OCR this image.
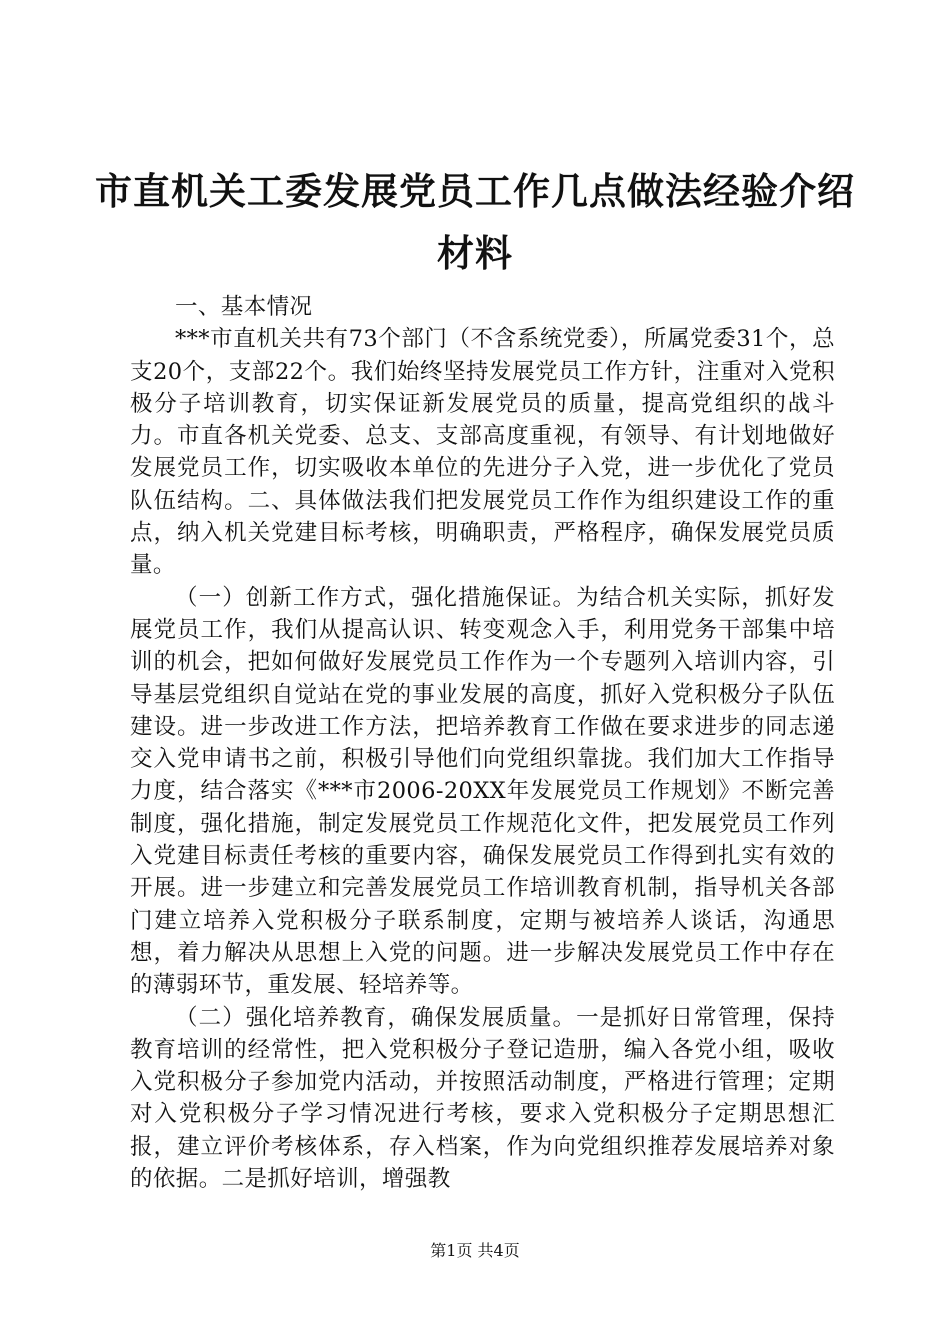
市直机关工委发展党员工作几点做法经验介绍
材料

一、基本情况

***市直机关共有73个部门（不含系统党委），所属党委31个，总支20个，支部22个。我们始终坚持发展党员工作方针，注重对入党积极分子培训教育，切实保证新发展党员的质量，提高党组织的战斗力。市直各机关党委、总支、支部高度重视，有领导、有计划地做好发展党员工作，切实吸收本单位的先进分子入党，进一步优化了党员队伍结构。二、具体做法我们把发展党员工作作为组织建设工作的重点，纳入机关党建目标考核，明确职责，严格程序，确保发展党员质量。

（一）创新工作方式，强化措施保证。为结合机关实际，抓好发展党员工作，我们从提高认识、转变观念入手，利用党务干部集中培训的机会，把如何做好发展党员工作作为一个专题列入培训内容，引导基层党组织自觉站在党的事业发展的高度，抓好入党积极分子队伍建设。进一步改进工作方法，把培养教育工作做在要求进步的同志递交入党申请书之前，积极引导他们向党组织靠拢。我们加大工作指导力度，结合落实《***市2006-20XX年发展党员工作规划》不断完善制度，强化措施，制定发展党员工作规范化文件，把发展党员工作列入党建目标责任考核的重要内容，确保发展党员工作得到扎实有效的开展。进一步建立和完善发展党员工作培训教育机制，指导机关各部门建立培养入党积极分子联系制度，定期与被培养人谈话，沟通思想，着力解决从思想上入党的问题。进一步解决发展党员工作中存在的薄弱环节，重发展、轻培养等。

（二）强化培养教育，确保发展质量。一是抓好日常管理，保持教育培训的经常性，把入党积极分子登记造册，编入各党小组，吸收入党积极分子参加党内活动，并按照活动制度，严格进行管理；定期对入党积极分子学习情况进行考核，要求入党积极分子定期思想汇报，建立评价考核体系，存入档案，作为向党组织推荐发展培养对象的依据。二是抓好培训，增强教

第1页 共4页
